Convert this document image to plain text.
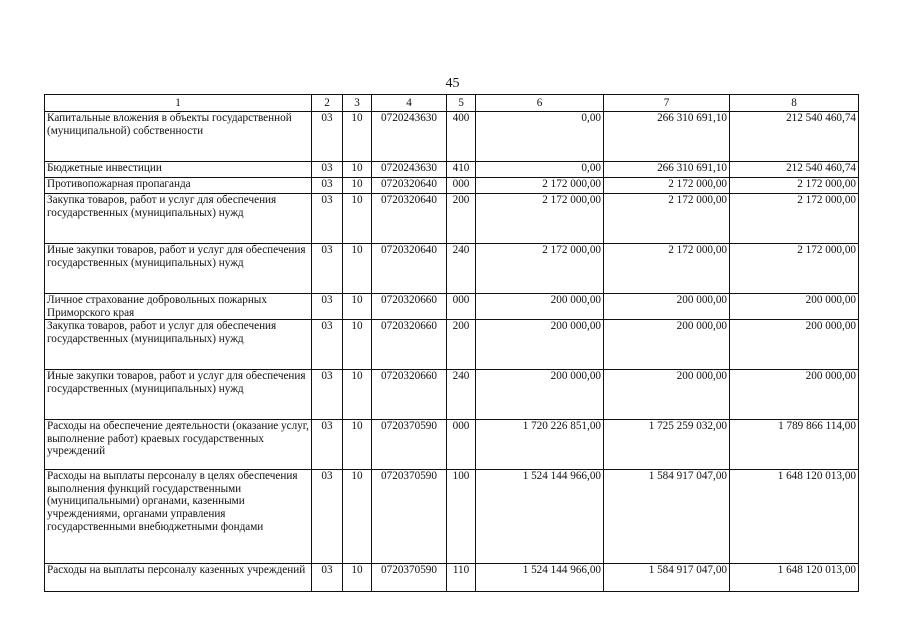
45
1	2	3	4	5	6	7	8
Капитальные вложения в объекты государственной (муниципальной) собственности	03	10	0720243630	400	0,00	266 310 691,10	212 540 460,74
Бюджетные инвестиции	03	10	0720243630	410	0,00	266 310 691,10	212 540 460,74
Противопожарная пропаганда	03	10	0720320640	000	2 172 000,00	2 172 000,00	2 172 000,00
Закупка товаров, работ и услуг для обеспечения государственных (муниципальных) нужд	03	10	0720320640	200	2 172 000,00	2 172 000,00	2 172 000,00
Иные закупки товаров, работ и услуг для обеспечения государственных (муниципальных) нужд	03	10	0720320640	240	2 172 000,00	2 172 000,00	2 172 000,00
Личное страхование добровольных пожарных Приморского края	03	10	0720320660	000	200 000,00	200 000,00	200 000,00
Закупка товаров, работ и услуг для обеспечения государственных (муниципальных) нужд	03	10	0720320660	200	200 000,00	200 000,00	200 000,00
Иные закупки товаров, работ и услуг для обеспечения государственных (муниципальных) нужд	03	10	0720320660	240	200 000,00	200 000,00	200 000,00
Расходы на обеспечение деятельности (оказание услуг, выполнение работ) краевых государственных учреждений	03	10	0720370590	000	1 720 226 851,00	1 725 259 032,00	1 789 866 114,00
Расходы на выплаты персоналу в целях обеспечения выполнения функций государственными (муниципальными) органами, казенными учреждениями, органами управления государственными внебюджетными фондами	03	10	0720370590	100	1 524 144 966,00	1 584 917 047,00	1 648 120 013,00
Расходы на выплаты персоналу казенных учреждений	03	10	0720370590	110	1 524 144 966,00	1 584 917 047,00	1 648 120 013,00
